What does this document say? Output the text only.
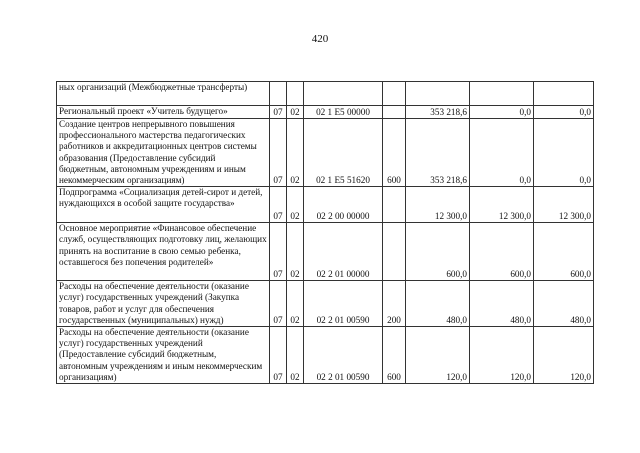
420
ных организаций (Межбюджетные трансферты)							
Региональный проект «Учитель будущего»	07	02	02 1 E5 00000		353 218,6	0,0	0,0
Создание центров непрерывного повышения профессионального мастерства педагогических работников и аккредитационных центров системы образования (Предоставление субсидий бюджетным, автономным учреждениям и иным некоммерческим организациям)	07	02	02 1 E5 51620	600	353 218,6	0,0	0,0
Подпрограмма «Социализация детей-сирот и детей, нуждающихся в особой защите государства»	07	02	02 2 00 00000		12 300,0	12 300,0	12 300,0
Основное мероприятие «Финансовое обеспечение служб, осуществляющих подготовку лиц, желающих принять на воспитание в свою семью ребенка, оставшегося без попечения родителей»	07	02	02 2 01 00000		600,0	600,0	600,0
Расходы на обеспечение деятельности (оказание услуг) государственных учреждений (Закупка товаров, работ и услуг для обеспечения государственных (муниципальных) нужд)	07	02	02 2 01 00590	200	480,0	480,0	480,0
Расходы на обеспечение деятельности (оказание услуг) государственных учреждений (Предоставление субсидий бюджетным, автономным учреждениям и иным некоммерческим организациям)	07	02	02 2 01 00590	600	120,0	120,0	120,0
